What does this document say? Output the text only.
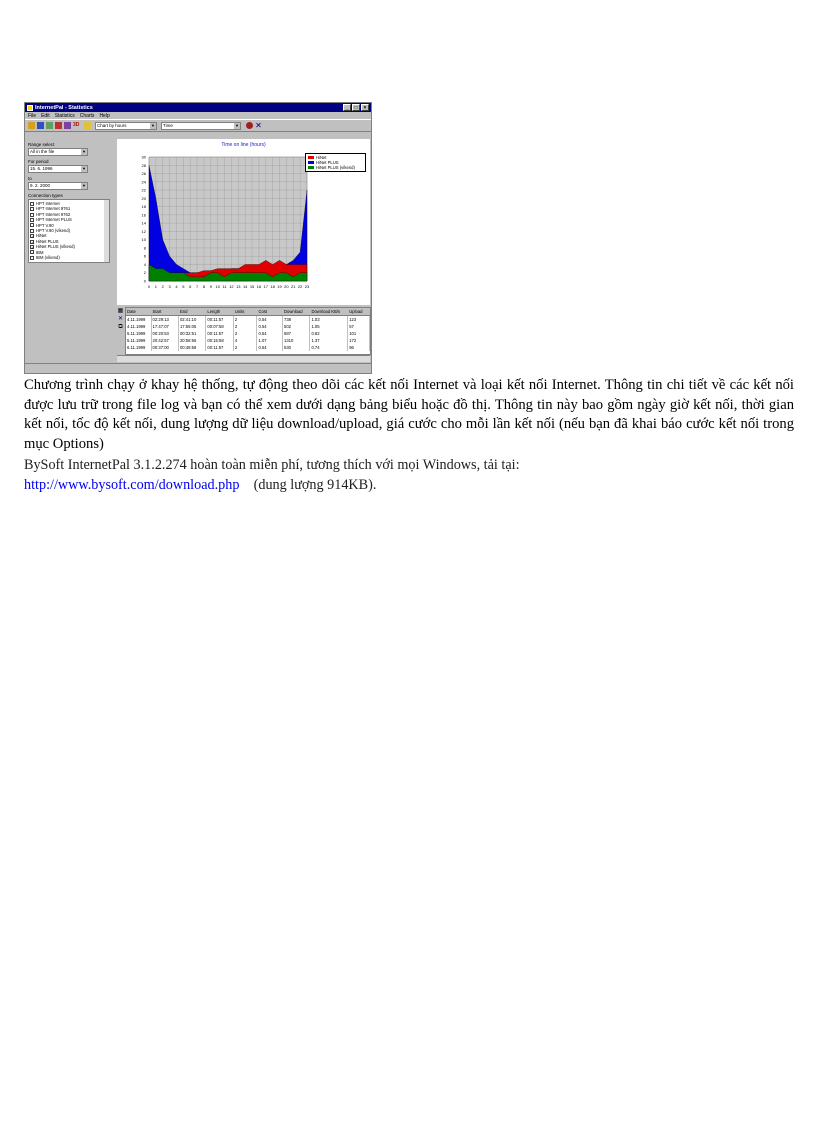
InternetPal - Statistics	_	□	×
File Edit Statistics Charts Help
3D	Chart by hours	▼	Time	▼ ✕
Range select
All in the file	▼
For period
15. 6. 1996	▼
to
9. 2. 2000	▼
Connection types
HPT Internet
HPT Internet 9761
HPT Internet 9762
HPT Internet PLUS
HPT V.90
HPT V.90 (víkend)
✓ HiNet
✓ HiNet PLUS
✓ HiNet PLUS (víkend)
IBM
IBM (víkend)
Time on line (hours)
0
2
4
6
8
10
12
14
16
18
20
22
24
26
28
30
0 1 2 3 4 5 6 7 8 9 10 11 12 13 14 15 16 17 18 19 20 21 22 23
HiNet
HiNet PLUS
HiNet PLUS (víkend)
▦
✕
⧉
Date	Start	End	Length	Units	Cost	Download	Download KB/s	Upload
4.11.1999	02:29:13	02:41:10	00:11:57	2	0.54	738	1.03	123
4.11.1999	17:47:07	17:55:05	00:07:58	2	0.54	502	1.05	57
5.11.1999	00:20:53	00:32:51	00:11:57	2	0.54	587	0.82	101
5.11.1999	20:42:57	20:58:56	00:15:58	4	1.07	1310	1.37	172
6.11.1999	00:37:00	00:48:58	00:11:57	2	0.54	530	0.74	96
Chương trình chạy ở khay hệ thống, tự động theo dõi các kết nối Internet và loại kết nối Internet. Thông tin chi tiết về các kết nối được lưu trữ trong file log và bạn có thể xem dưới dạng bảng biểu hoặc đồ thị. Thông tin này bao gồm ngày giờ kết nối, thời gian kết nối, tốc độ kết nối, dung lượng dữ liệu download/upload, giá cước cho mỗi lần kết nối (nếu bạn đã khai báo cước kết nối trong mục Options)
BySoft InternetPal 3.1.2.274 hoàn toàn miễn phí, tương thích với mọi Windows, tải tại:
http://www.bysoft.com/download.php (dung lượng 914KB).
